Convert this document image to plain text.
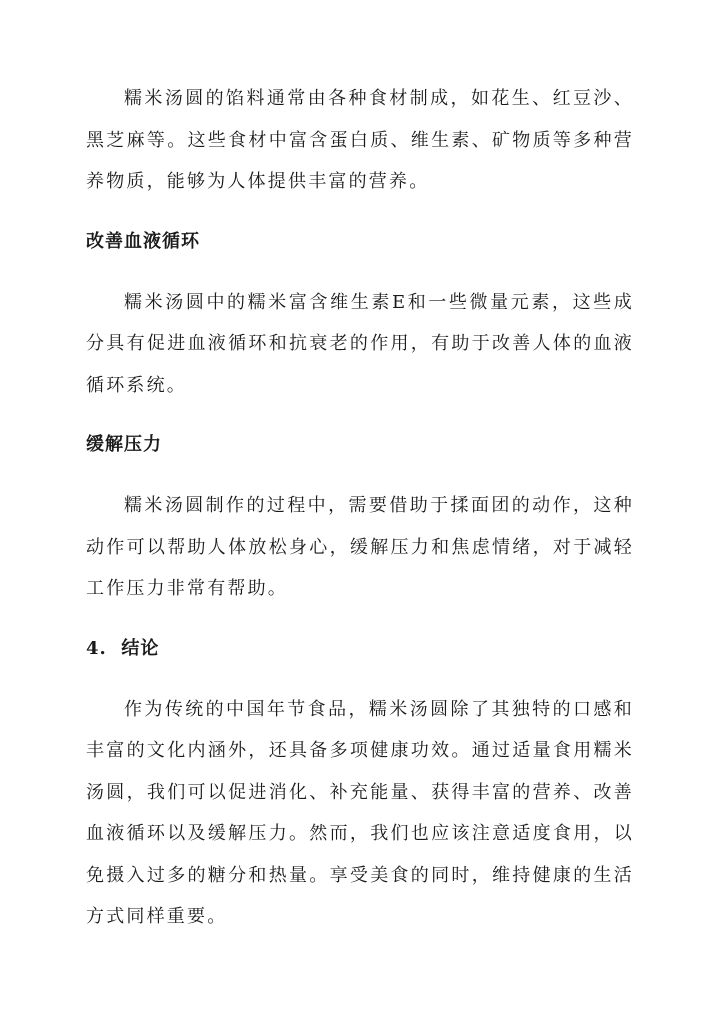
糯米汤圆的馅料通常由各种食材制成，如花生、红豆沙、黑芝麻等。这些食材中富含蛋白质、维生素、矿物质等多种营养物质，能够为人体提供丰富的营养。

改善血液循环

糯米汤圆中的糯米富含维生素E和一些微量元素，这些成分具有促进血液循环和抗衰老的作用，有助于改善人体的血液循环系统。

缓解压力

糯米汤圆制作的过程中，需要借助于揉面团的动作，这种动作可以帮助人体放松身心，缓解压力和焦虑情绪，对于减轻工作压力非常有帮助。

4.  结论

作为传统的中国年节食品，糯米汤圆除了其独特的口感和丰富的文化内涵外，还具备多项健康功效。通过适量食用糯米汤圆，我们可以促进消化、补充能量、获得丰富的营养、改善血液循环以及缓解压力。然而，我们也应该注意适度食用，以免摄入过多的糖分和热量。享受美食的同时，维持健康的生活方式同样重要。
